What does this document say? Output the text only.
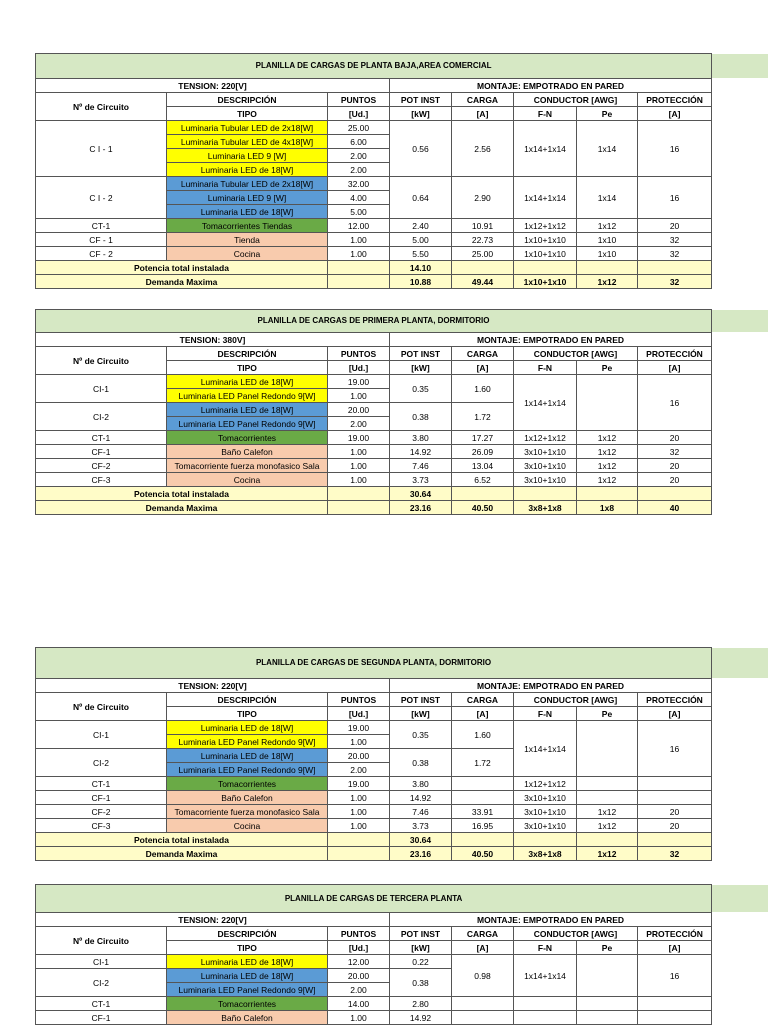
PLANILLA DE CARGAS DE PLANTA BAJA,AREA COMERCIAL							
TENSION: 220[V]			MONTAJE: EMPOTRADO EN PARED				
Nº de Circuito	DESCRIPCIÓN	PUNTOS	POT INST	CARGA	CONDUCTOR [AWG]		PROTECCIÓN
	TIPO	[Ud.]	[kW]	[A]	F-N	Pe	[A]
C I - 1	Luminaria Tubular LED de 2x18[W]	25.00	0.56	2.56	1x14+1x14	1x14	16
	Luminaria Tubular LED de 4x18[W]	6.00					
	Luminaria LED 9 [W]	2.00					
	Luminaria LED de 18[W]	2.00					
C I - 2	Luminaria Tubular LED de 2x18[W]	32.00	0.64	2.90	1x14+1x14	1x14	16
	Luminaria LED 9 [W]	4.00					
	Luminaria LED de 18[W]	5.00					
CT-1	Tomacorrientes Tiendas	12.00	2.40	10.91	1x12+1x12	1x12	20
CF - 1	Tienda	1.00	5.00	22.73	1x10+1x10	1x10	32
CF - 2	Cocina	1.00	5.50	25.00	1x10+1x10	1x10	32
Potencia total instalada			14.10				
Demanda Maxima			10.88	49.44	1x10+1x10	1x12	32
PLANILLA DE CARGAS DE PRIMERA PLANTA, DORMITORIO							
TENSION: 380V]			MONTAJE: EMPOTRADO EN PARED				
Nº de Circuito	DESCRIPCIÓN	PUNTOS	POT INST	CARGA	CONDUCTOR [AWG]		PROTECCIÓN
	TIPO	[Ud.]	[kW]	[A]	F-N	Pe	[A]
CI-1	Luminaria LED de 18[W]	19.00	0.35	1.60	1x14+1x14		16
	Luminaria LED Panel Redondo 9[W]	1.00					
CI-2	Luminaria LED de 18[W]	20.00	0.38	1.72			
	Luminaria LED Panel Redondo 9[W]	2.00					
CT-1	Tomacorrientes	19.00	3.80	17.27	1x12+1x12	1x12	20
CF-1	Baño Calefon	1.00	14.92	26.09	3x10+1x10	1x12	32
CF-2	Tomacorriente fuerza monofasico Sala	1.00	7.46	13.04	3x10+1x10	1x12	20
CF-3	Cocina	1.00	3.73	6.52	3x10+1x10	1x12	20
Potencia total instalada			30.64				
Demanda Maxima			23.16	40.50	3x8+1x8	1x8	40
PLANILLA DE CARGAS DE SEGUNDA PLANTA, DORMITORIO							
TENSION: 220[V]			MONTAJE: EMPOTRADO EN PARED				
Nº de Circuito	DESCRIPCIÓN	PUNTOS	POT INST	CARGA	CONDUCTOR [AWG]		PROTECCIÓN
	TIPO	[Ud.]	[kW]	[A]	F-N	Pe	[A]
CI-1	Luminaria LED de 18[W]	19.00	0.35	1.60	1x14+1x14		16
	Luminaria LED Panel Redondo 9[W]	1.00					
CI-2	Luminaria LED de 18[W]	20.00	0.38	1.72			
	Luminaria LED Panel Redondo 9[W]	2.00					
CT-1	Tomacorrientes	19.00	3.80		1x12+1x12		
CF-1	Baño Calefon	1.00	14.92		3x10+1x10		
CF-2	Tomacorriente fuerza monofasico Sala	1.00	7.46	33.91	3x10+1x10	1x12	20
CF-3	Cocina	1.00	3.73	16.95	3x10+1x10	1x12	20
Potencia total instalada			30.64				
Demanda Maxima			23.16	40.50	3x8+1x8	1x12	32
PLANILLA DE CARGAS DE TERCERA PLANTA							
TENSION: 220[V]			MONTAJE: EMPOTRADO EN PARED				
Nº de Circuito	DESCRIPCIÓN	PUNTOS	POT INST	CARGA	CONDUCTOR [AWG]		PROTECCIÓN
	TIPO	[Ud.]	[kW]	[A]	F-N	Pe	[A]
CI-1	Luminaria LED de 18[W]	12.00	0.22	0.98	1x14+1x14		16
CI-2	Luminaria LED de 18[W]	20.00	0.38				
	Luminaria LED Panel Redondo 9[W]	2.00					
CT-1	Tomacorrientes	14.00	2.80				
CF-1	Baño Calefon	1.00	14.92				
